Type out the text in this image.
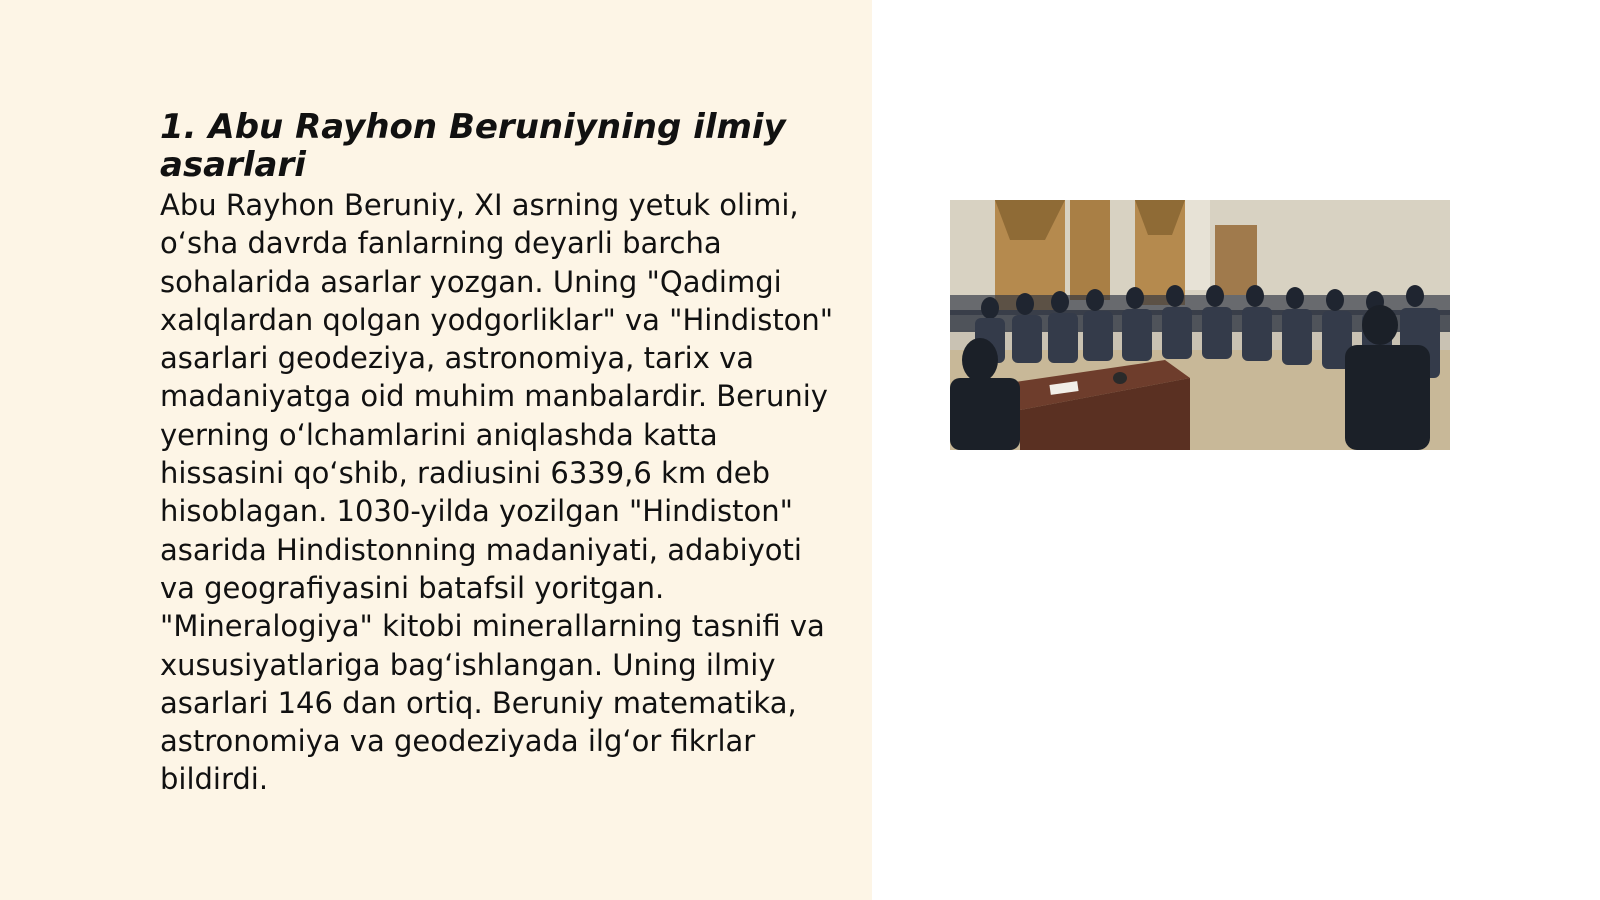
1. Abu Rayhon Beruniyning ilmiy asarlari

Abu Rayhon Beruniy, XI asrning yetuk olimi, o‘sha davrda fanlarning deyarli barcha sohalarida asarlar yozgan. Uning "Qadimgi xalqlardan qolgan yodgorliklar" va "Hindiston" asarlari geodeziya, astronomiya, tarix va madaniyatga oid muhim manbalardir. Beruniy yerning o‘lchamlarini aniqlashda katta hissasini qo‘shib, radiusini 6339,6 km deb hisoblagan. 1030-yilda yozilgan "Hindiston" asarida Hindistonning madaniyati, adabiyoti va geografiyasini batafsil yoritgan. "Mineralogiya" kitobi minerallarning tasnifi va xususiyatlariga bag‘ishlangan. Uning ilmiy asarlari 146 dan ortiq. Beruniy matematika, astronomiya va geodeziyada ilg‘or fikrlar bildirdi.
